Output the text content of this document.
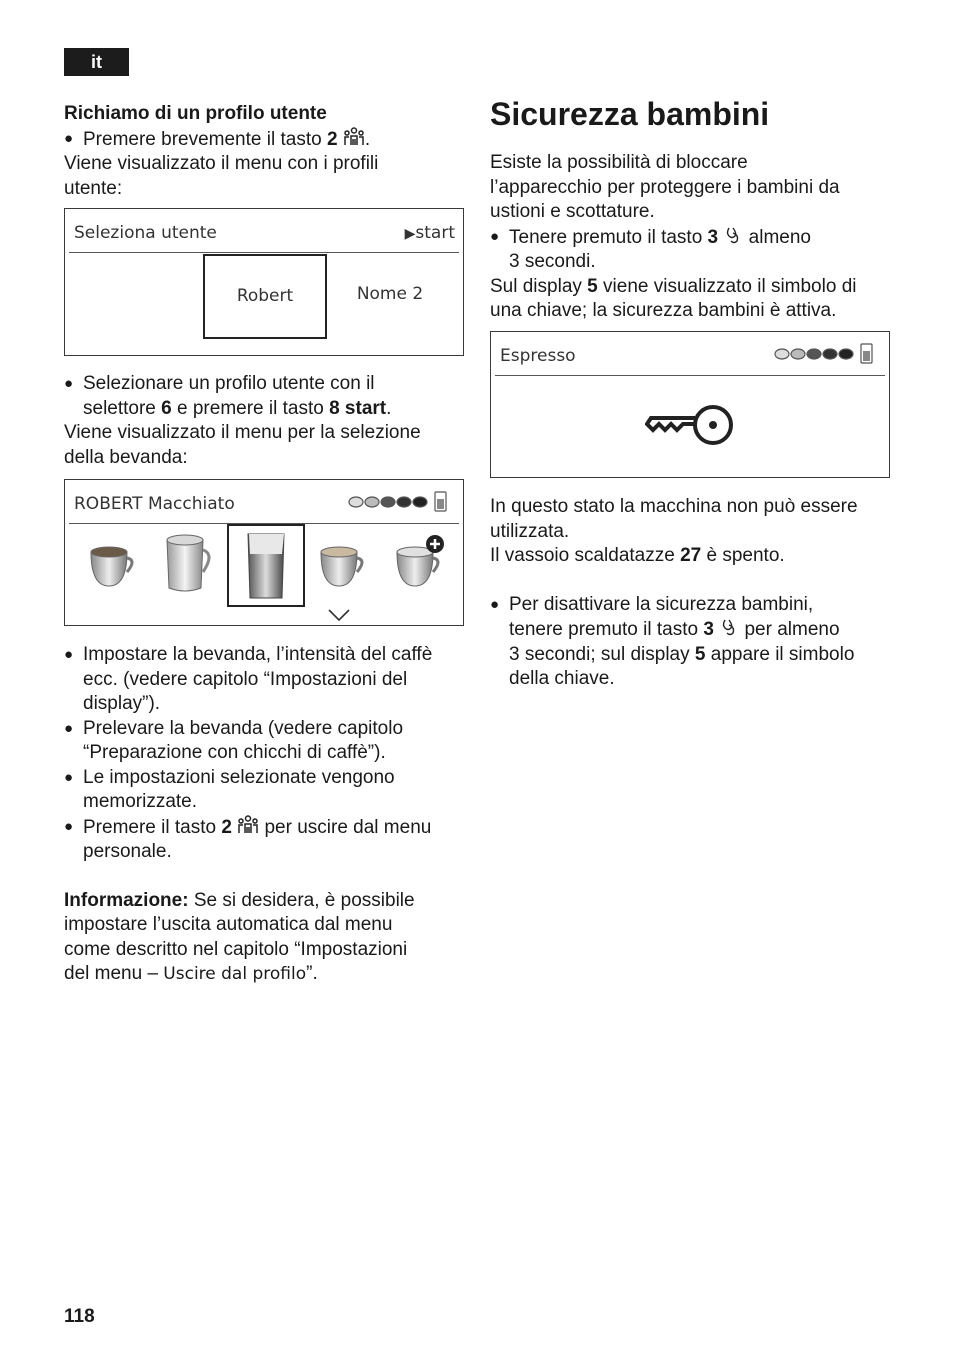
it
Richiamo di un profilo utente
● Premere brevemente il tasto 2 .
Viene visualizzato il menu con i profili
utente:
Seleziona utente	▶start
Robert	Nome 2
● Selezionare un profilo utente con il
selettore 6 e premere il tasto 8 start.
Viene visualizzato il menu per la selezione
della bevanda:
ROBERT Macchiato
● Impostare la bevanda, l’intensità del caffè
ecc. (vedere capitolo “Impostazioni del
display”).
● Prelevare la bevanda (vedere capitolo
“Preparazione con chicchi di caffè”).
● Le impostazioni selezionate vengono
memorizzate.
● Premere il tasto 2  per uscire dal menu
personale.
Informazione: Se si desidera, è possibile
impostare l’uscita automatica dal menu
come descritto nel capitolo “Impostazioni
del menu – Uscire dal profilo”.
Sicurezza bambini
Esiste la possibilità di bloccare
l’apparecchio per proteggere i bambini da
ustioni e scottature.
● Tenere premuto il tasto 3  almeno
3 secondi.
Sul display 5 viene visualizzato il simbolo di
una chiave; la sicurezza bambini è attiva.
Espresso
In questo stato la macchina non può essere
utilizzata.
Il vassoio scaldatazze 27 è spento.
● Per disattivare la sicurezza bambini,
tenere premuto il tasto 3  per almeno
3 secondi; sul display 5 appare il simbolo
della chiave.
118
